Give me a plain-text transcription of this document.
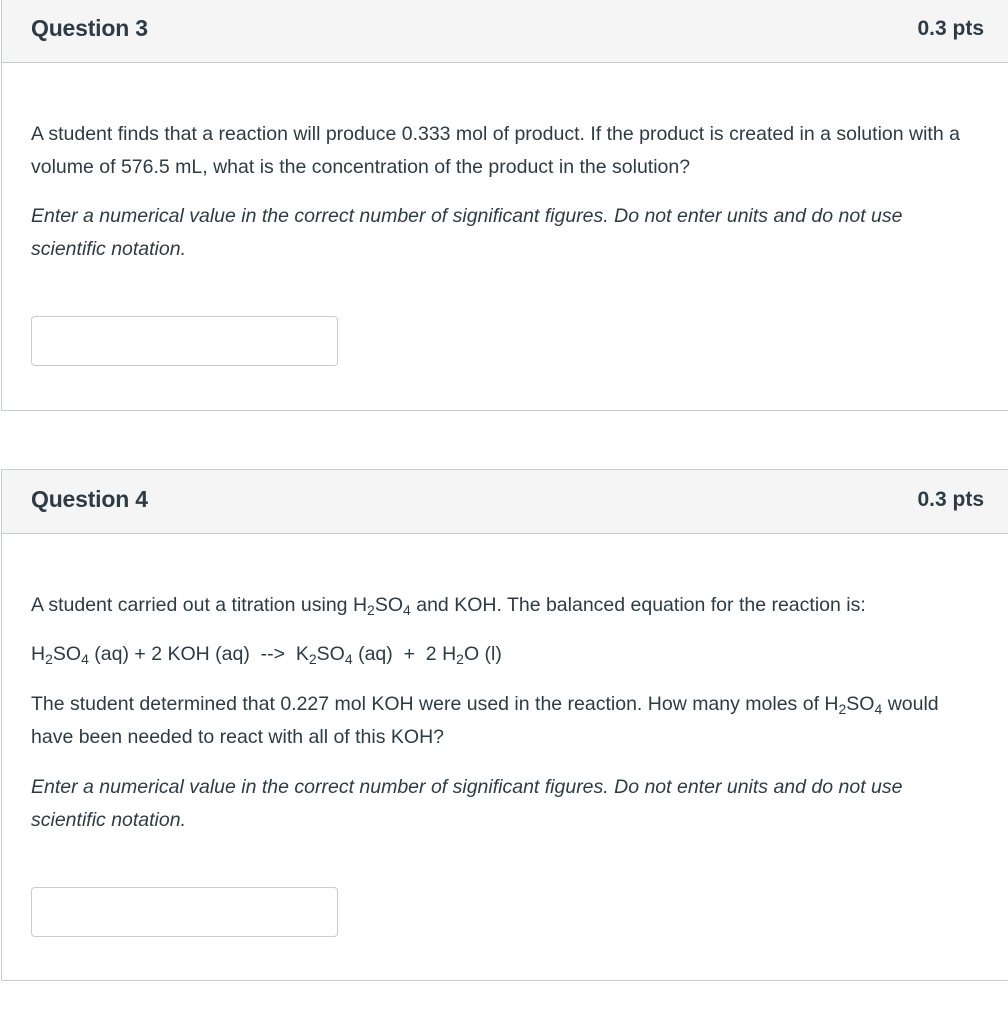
Question 3	0.3 pts

A student finds that a reaction will produce 0.333 mol of product. If the product is created in a solution with a volume of 576.5 mL, what is the concentration of the product in the solution?

Enter a numerical value in the correct number of significant figures. Do not enter units and do not use scientific notation.

Question 4	0.3 pts

A student carried out a titration using $H_2SO_4$ and KOH. The balanced equation for the reaction is:

$H_2SO_4$ (aq) + 2 KOH (aq)  -->  $K_2SO_4$ (aq)  +  2 $H_2O$ (l)

The student determined that 0.227 mol KOH were used in the reaction. How many moles of $H_2SO_4$ would have been needed to react with all of this KOH?

Enter a numerical value in the correct number of significant figures. Do not enter units and do not use scientific notation.
